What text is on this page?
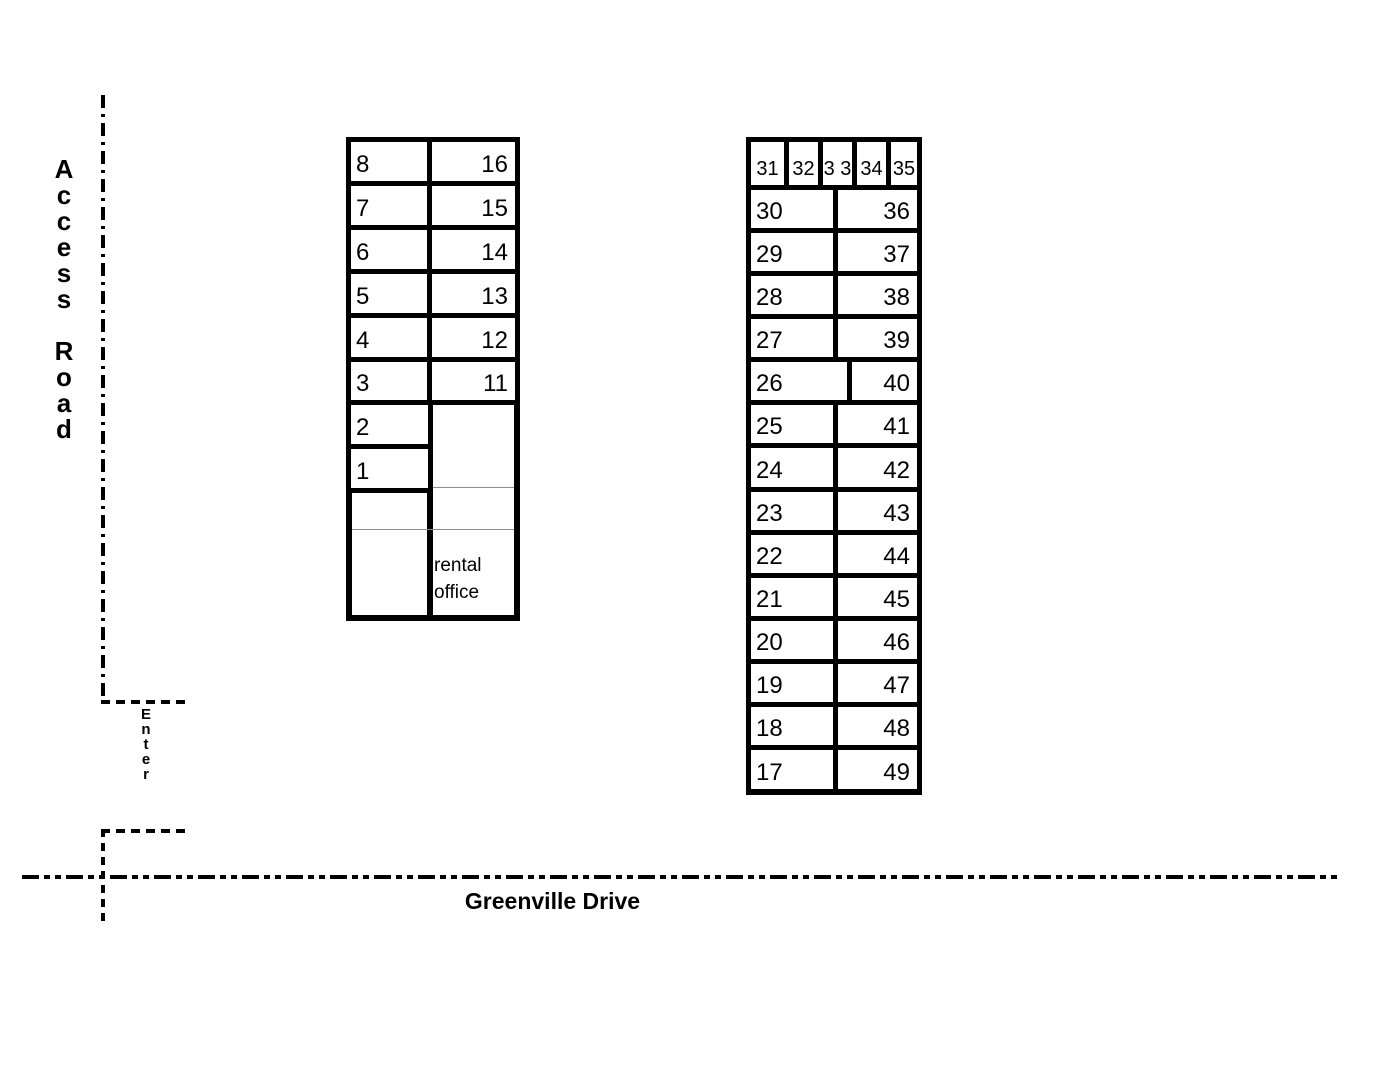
A
c
c
e
s
s

R
o
a
d
E
n
t
e
r
Greenville Drive
8
7
6
5
4
3
2
1
16
15
14
13
12
11
31 32 3 3 34 35
30
29
28
27
26
25
24
23
22
21
20
19
18
17
36
37
38
39
40
41
42
43
44
45
46
47
48
49
rental office
